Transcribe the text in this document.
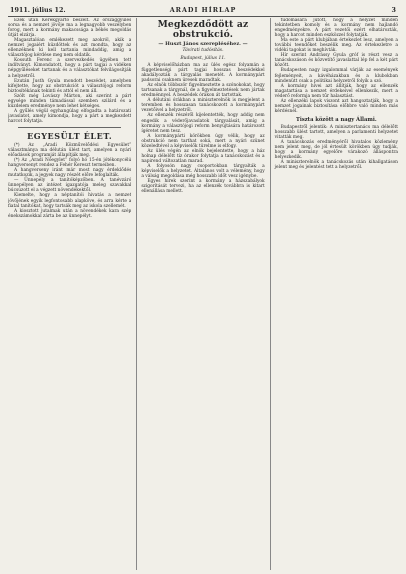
1911. július 12.	ARADI HÍRLAP	3

Ezek után Kerékgyártó beszélt. Az országgyűlés sorsa és a nemzet jövője ma a legnagyobb veszélyben forog, mert a kormány makacssága a békés megoldás útját elzárja.

Magasztalóan emlékezett meg azokról, akik a nemzet jogaiért küzdöttek és azt mondta, hogy az ellenzéknek ki kell tartania mindaddig, amíg a választójog kérdése meg nem oldatik.

Kossuth Ferenc a szervezkedés ügyében tett indítványt. Kimondatott, hogy a párt tagjai a vidéken népgyűléseket tartanak és a választókat felvilágosítják a helyzetről.

Ezután Justh Gyula mondott beszédet, amelyben kifejtette, hogy az obstrukciót a választójogi reform biztosítékának tekinti és attól el nem áll.

Szólt még Lovászy Márton, aki szerint a párt egysége minden támadással szemben szilárd és a küzdelem eredménye nem lehet kétséges.

A gyűlés végül egyhangúlag elfogadta a határozati javaslatot, amely kimondja, hogy a párt a megkezdett harcot folytatja.

EGYESÜLT ÉLET.

(*) Az „Aradi Közművelődési Egyesület” választmánya ma délután ülést tart, amelyen a nyári előadások programját állapítják meg.

(*) Az „Aradi Nőegylet” folyó hó 15-én jótékonycélú hangversenyt rendez a Fehér Kereszt termeiben.

A hangverseny iránt már most nagy érdeklődés mutatkozik, a jegyek nagy részét előre lefoglalták.

— Ünnepély a tanítóképzőben. A tanévzáró ünnepélyen az intézet igazgatója meleg szavakkal búcsúzott el a végzett növendékektől.

Kiemelte, hogy a néptanítói hivatás a nemzet jövőjének egyik legfontosabb alapköve, és arra kérte a fiatal tanítókat, hogy tartsák meg az iskola szellemét.

A kiosztott jutalmak után a növendékek kara szép énekszámokkal zárta be az ünnepélyt.

Megkezdődött az obstrukció.
— Huszt János szerepléséhez. —
Távirati tudósítás.
Budapest, július 11.

A képviselőházban ma az ülés egész folyamán a függetlenségi párt tagjai hosszas beszédekkel akadályozták a tárgyalás menetét. A kormánypárt padsorai csaknem üresek maradtak.

Az elnök többször figyelmeztette a szónokokat, hogy tartsanak a tárgynál, de a figyelmeztetések nem jártak eredménnyel. A beszédek órákon át tartottak.

A délutáni órákban a miniszterelnök is megjelent a teremben és hosszasan tanácskozott a kormánypárt vezetőivel a helyzetről.

Az ellenzék részéről kijelentették, hogy addig nem engedik a véderőjavaslatok tárgyalását, amíg a kormány a választójogi reform benyújtására határozott ígéretet nem tesz.

A kormánypárti körökben úgy vélik, hogy az obstrukció nem tarthat soká, mert a nyári szünet közeledtével a képviselők türelme is elfogy.

Az ülés végén az elnök bejelentette, hogy a ház holnap délelőtt tíz órakor folytatja a tanácskozást és a napirend változatlan marad.

A folyosón nagy csoportokban tárgyalták a képviselők a helyzetet. Általános volt a vélemény, hogy a válság megoldása még hosszabb időt vesz igénybe.

Egyes hírek szerint a kormány a házszabályok szigorítását tervezi, ha az ellenzék továbbra is kitart ellenállása mellett.

tudomására jutott, hogy a helyzet minden tekintetben komoly és a kormány nem hajlandó engedményekre. A párt vezetői ezért elhatározták, hogy a harcot minden eszközzel folytatják.

Ma este a párt klubjában értekezlet lesz, amelyen a további teendőket beszélik meg. Az értekezletre a vidéki tagokat is meghívták.

Hír szerint Andrássy Gyula gróf is részt vesz a tanácskozáson és közvetítő javaslattal lép fel a két párt között.

Budapesten nagy izgalommal várják az események fejleményeit, a kávéházakban és a klubokban mindenütt csak a politikai helyzetről folyik a szó.

A kormány hívei azt állítják, hogy az ellenzék magatartása a nemzet érdekeivel ellenkezik, mert a véderő reformja nem tűr halasztást.

Az ellenzéki lapok viszont azt hangoztatják, hogy a nemzet jogainak biztosítása előbbre való minden más kérdésnél.

Tiszta között a nagy Állami.

Budapestről jelentik: A minisztertanács ma délelőtt hosszabb ülést tartott, amelyen a parlamenti helyzetet vitatták meg.

A tanácskozás eredményéről hivatalos közlemény nem jelent meg, de jól értesült körökben úgy tudják, hogy a kormány egyelőre várakozó álláspontra helyezkedik.

A miniszterelnök a tanácskozás után kihallgatáson jelent meg és jelentést tett a helyzetről.
